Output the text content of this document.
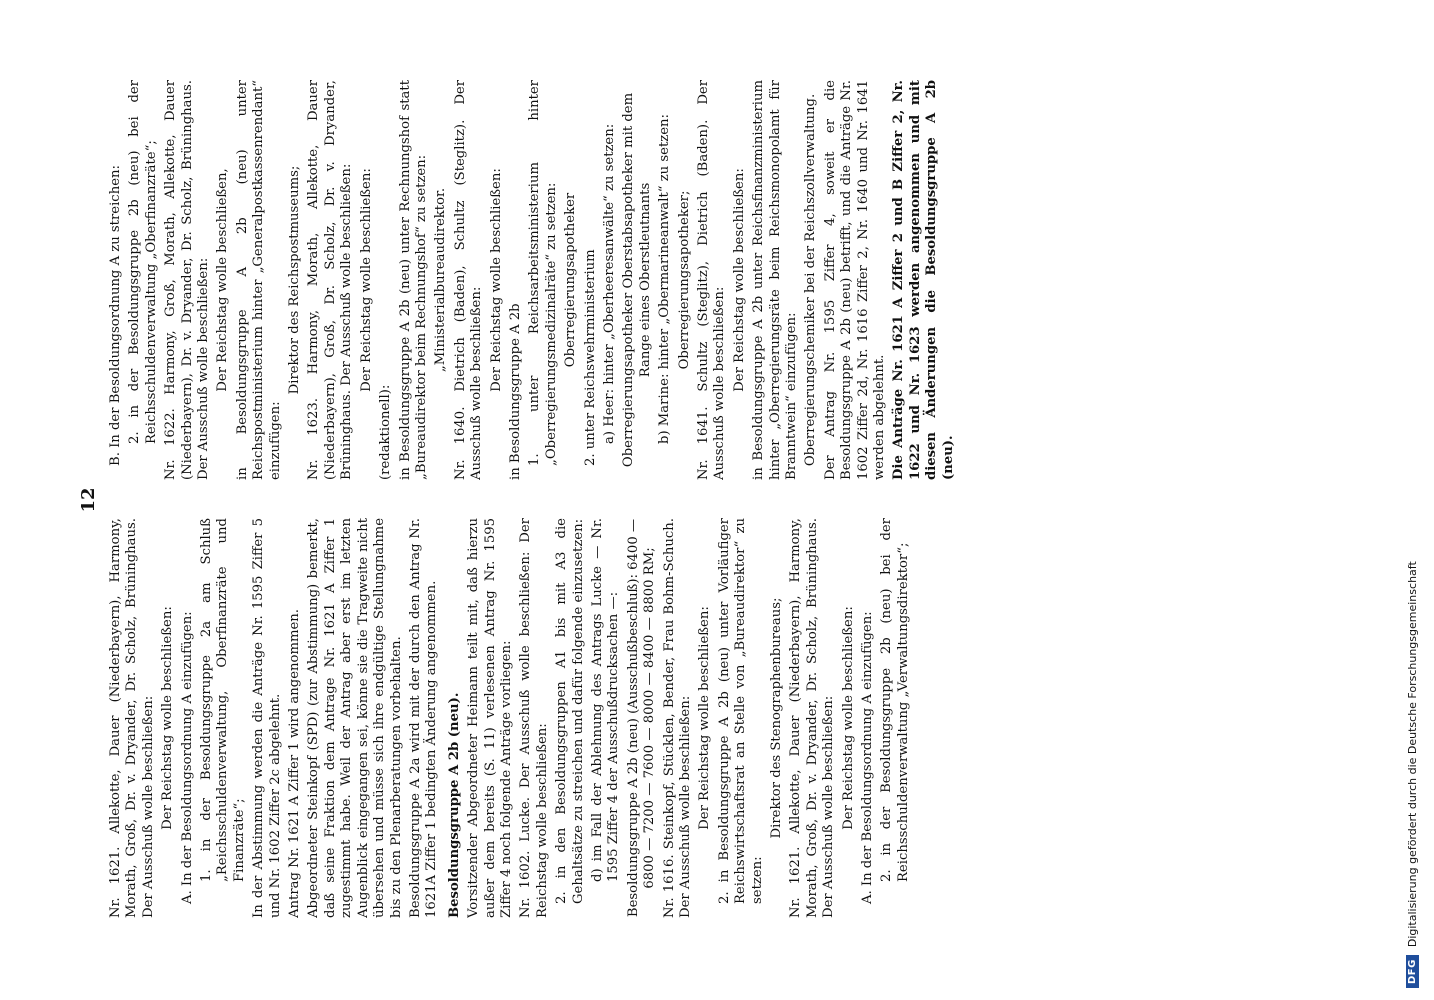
12

Nr. 1621. Allekotte, Dauer (Niederbayern), Harmony, Morath, Groß, Dr. v. Dryander, Dr. Scholz, Brüninghaus. Der Ausschuß wolle beschließen: Der Reichstag wolle beschließen: A. In der Besoldungsordnung A einzufügen: 1. in der Besoldungsgruppe 2a am Schluß „Reichsschuldenverwaltung, Oberfinanzräte und Finanzräte“; In der Abstimmung werden die Anträge Nr. 1595 Ziffer 5 und Nr. 1602 Ziffer 2c abgelehnt. Antrag Nr. 1621 A Ziffer 1 wird angenommen. Abgeordneter Steinkopf (SPD) (zur Abstimmung) bemerkt, daß seine Fraktion dem Antrage Nr. 1621 A Ziffer 1 zugestimmt habe. Weil der Antrag aber erst im letzten Augenblick eingegangen sei, könne sie die Tragweite nicht übersehen und müsse sich ihre endgültige Stellungnahme bis zu den Plenarberatungen vorbehalten. Besoldungsgruppe A 2a wird mit der durch den Antrag Nr. 1621A Ziffer 1 bedingten Änderung angenommen. Besoldungsgruppe A 2b (neu). Vorsitzender Abgeordneter Heimann teilt mit, daß hierzu außer dem bereits (S. 11) verlesenen Antrag Nr. 1595 Ziffer 4 noch folgende Anträge vorliegen: Nr. 1602. Lucke. Der Ausschuß wolle beschließen: Der Reichstag wolle beschließen: 2. in den Besoldungsgruppen A1 bis mit A3 die Gehaltsätze zu streichen und dafür folgende einzusetzen: d) im Fall der Ablehnung des Antrags Lucke — Nr. 1595 Ziffer 4 der Ausschußdrucksachen —: Besoldungsgruppe A 2b (neu) (Ausschußbeschluß): 6400 — 6800 — 7200 — 7600 — 8000 — 8400 — 8800 RM; Nr. 1616. Steinkopf, Stücklen, Bender, Frau Bohm-Schuch. Der Ausschuß wolle beschließen: Der Reichstag wolle beschließen: 2. in Besoldungsgruppe A 2b (neu) unter Vorläufiger Reichswirtschaftsrat an Stelle von „Bureaudirektor“ zu setzen:

Direktor des Stenographenbureaus; Nr. 1621. Allekotte, Dauer (Niederbayern), Harmony, Morath, Groß, Dr. v. Dryander, Dr. Scholz, Brüninghaus. Der Ausschuß wolle beschließen: Der Reichstag wolle beschließen: A. In der Besoldungsordnung A einzufügen: 2. in der Besoldungsgruppe 2b (neu) bei der Reichsschuldenverwaltung „Verwaltungsdirektor“;

B. In der Besoldungsordnung A zu streichen: 2. in der Besoldungsgruppe 2b (neu) bei der Reichsschuldenverwaltung „Oberfinanzräte“; Nr. 1622. Harmony, Groß, Morath, Allekotte, Dauer (Niederbayern), Dr. v. Dryander, Dr. Scholz, Brüninghaus. Der Ausschuß wolle beschließen: Der Reichstag wolle beschließen, in Besoldungsgruppe A 2b (neu) unter Reichspostministerium hinter „Generalpostkassenrendant“ einzufügen:

Direktor des Reichspostmuseums; Nr. 1623. Harmony, Morath, Allekotte, Dauer (Niederbayern), Groß, Dr. Scholz, Dr. v. Dryander, Brüninghaus. Der Ausschuß wolle beschließen: Der Reichstag wolle beschließen:

(redaktionell): in Besoldungsgruppe A 2b (neu) unter Rechnungshof statt „Bureaudirektor beim Rechnungshof“ zu setzen: „Ministerialbureaudirektor. Nr. 1640. Dietrich (Baden), Schultz (Steglitz). Der Ausschuß wolle beschließen: Der Reichstag wolle beschließen: in Besoldungsgruppe A 2b 1. unter Reichsarbeitsministerium hinter „Oberregierungsmedizinalräte“ zu setzen: Oberregierungsapotheker 2. unter Reichswehrministerium a) Heer: hinter „Oberheeresanwälte“ zu setzen: Oberregierungsapotheker Oberstabsapotheker mit dem Range eines Oberstleutnants b) Marine: hinter „Obermarineanwalt“ zu setzen: Oberregierungsapotheker; Nr. 1641. Schultz (Steglitz), Dietrich (Baden). Der Ausschuß wolle beschließen: Der Reichstag wolle beschließen: in Besoldungsgruppe A 2b unter Reichsfinanzministerium hinter „Oberregierungsräte beim Reichsmonopolamt für Branntwein“ einzufügen: Oberregierungschemiker bei der Reichszollverwaltung. Der Antrag Nr. 1595 Ziffer 4, soweit er die Besoldungsgruppe A 2b (neu) betrifft, und die Anträge Nr. 1602 Ziffer 2d, Nr. 1616 Ziffer 2, Nr. 1640 und Nr. 1641 werden abgelehnt. Die Anträge Nr. 1621 A Ziffer 2 und B Ziffer 2, Nr. 1622 und Nr. 1623 werden angenommen und mit diesen Änderungen die Besoldungsgruppe A 2b (neu).

DFG
Digitalisierung gefördert durch die Deutsche Forschungsgemeinschaft
